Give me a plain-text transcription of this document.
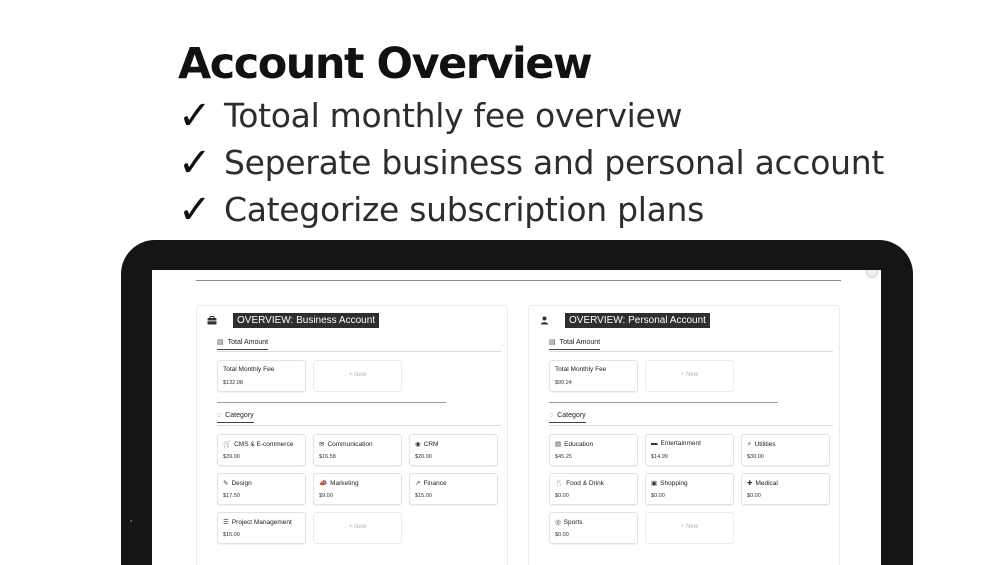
Account Overview
✓ Totoal monthly fee overview
✓ Seperate business and personal account
✓ Categorize subscription plans
▪
OVERVIEW: Business Account
▤ Total Amount
Total Monthly Fee
$132.08
+ New
◌ Category
🛒 CMS & E-commerce
$39.00
✉ Communication
$16.58
◉ CRM
$20.00
✎ Design
$17.50
📣 Marketing
$9.00
↗ Finance
$15.00
☰ Project Management
$15.00
+ New
OVERVIEW: Personal Account
▤ Total Amount
Total Monthly Fee
$90.24
+ New
◌ Category
▤ Education
$45.25
▬ Entertainment
$14.99
⚡ Utilities
$30.00
🍴 Food & Drink
$0.00
▣ Shopping
$0.00
✚ Medical
$0.00
◎ Sports
$0.00
+ New
